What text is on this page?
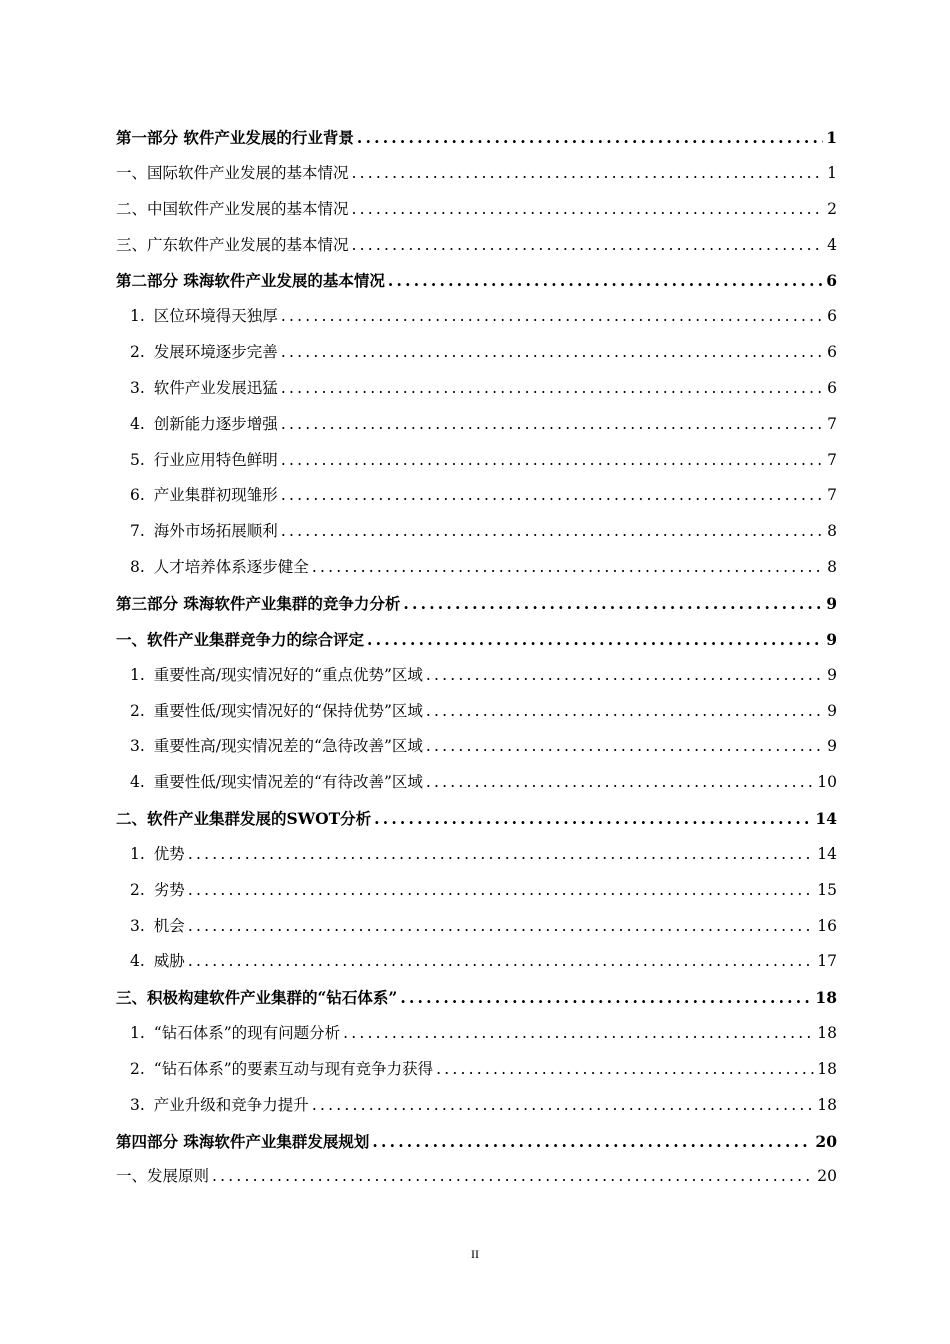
第一部分 软件产业发展的行业背景 .....	1
一、国际软件产业发展的基本情况 .....	1
二、中国软件产业发展的基本情况 .....	2
三、广东软件产业发展的基本情况 .....	4
第二部分 珠海软件产业发展的基本情况 .....	6
1. 区位环境得天独厚 .....	6
2. 发展环境逐步完善 .....	6
3. 软件产业发展迅猛 .....	6
4. 创新能力逐步增强 .....	7
5. 行业应用特色鲜明 .....	7
6. 产业集群初现雏形 .....	7
7. 海外市场拓展顺利 .....	8
8. 人才培养体系逐步健全 .....	8
第三部分 珠海软件产业集群的竞争力分析 .....	9
一、软件产业集群竞争力的综合评定 .....	9
1. 重要性高/现实情况好的“重点优势”区域 .....	9
2. 重要性低/现实情况好的“保持优势”区域 .....	9
3. 重要性高/现实情况差的“急待改善”区域 .....	9
4. 重要性低/现实情况差的“有待改善”区域 .....	10
二、软件产业集群发展的SWOT分析 .....	14
1. 优势 .....	14
2. 劣势 .....	15
3. 机会 .....	16
4. 威胁 .....	17
三、积极构建软件产业集群的“钻石体系” .....	18
1. “钻石体系”的现有问题分析 .....	18
2. “钻石体系”的要素互动与现有竞争力获得 .....	18
3. 产业升级和竞争力提升 .....	18
第四部分 珠海软件产业集群发展规划 .....	20
一、发展原则 .....	20
II
